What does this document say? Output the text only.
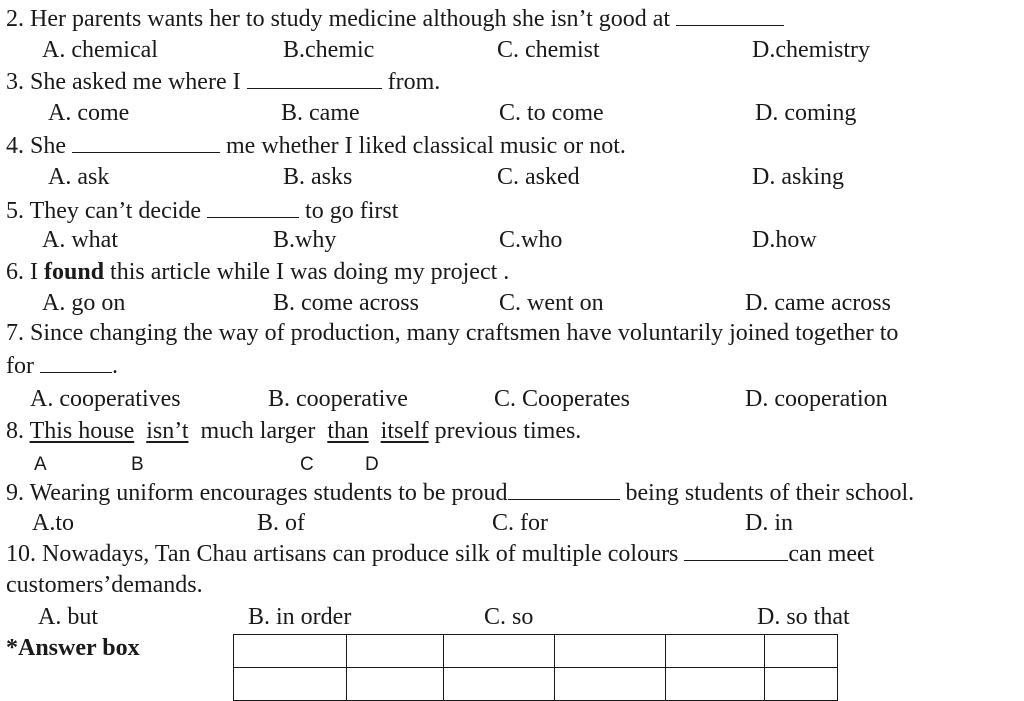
2. Her parents wants her to study medicine although she isn’t good at
A. chemical	B.chemic	C. chemist	D.chemistry
3. She asked me where I	from.
A. come	B. came	C. to come	D. coming
4. She	me whether I liked classical music or not.
A. ask	B. asks	C. asked	D. asking
5. They can’t decide	to go first
A. what	B.why	C.who	D.how
6. I found this article while I was doing my project .
A. go on	B. come across	C. went on	D. came across
7. Since changing the way of production, many craftsmen have voluntarily joined together to
for	.
A. cooperatives	B. cooperative	C. Cooperates	D. cooperation
8. This house isn’t much larger than itself previous times.
A	B	C	D
9. Wearing uniform encourages students to be proud	being students of their school.
A.to	B. of	C. for	D. in
10. Nowadays, Tan Chau artisans can produce silk of multiple colours	can meet
customers’demands.
A. but	B. in order	C. so	D. so that
*Answer box
